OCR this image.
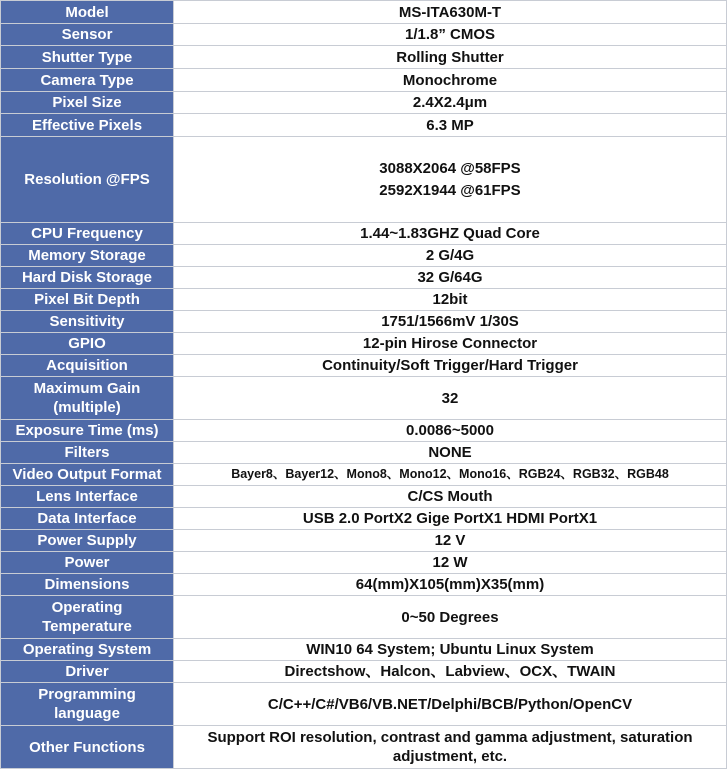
Model	MS-ITA630M-T
Sensor	1/1.8” CMOS
Shutter Type	Rolling Shutter
Camera Type	Monochrome
Pixel Size	2.4X2.4μm
Effective Pixels	6.3 MP
Resolution @FPS	3088X2064 @58FPS
2592X1944 @61FPS

CPU Frequency	1.44~1.83GHZ Quad Core
Memory Storage	2 G/4G
Hard Disk Storage	32 G/64G
Pixel Bit Depth	12bit
Sensitivity	1751/1566mV 1/30S
GPIO	12-pin Hirose Connector
Acquisition	Continuity/Soft Trigger/Hard Trigger

Maximum Gain
(multiple)	32
Exposure Time (ms)	0.0086~5000
Filters	NONE
Video Output Format	Bayer8、Bayer12、Mono8、Mono12、Mono16、RGB24、RGB32、RGB48
Lens Interface	C/CS Mouth
Data Interface	USB 2.0 PortX2 Gige PortX1 HDMI PortX1
Power Supply	12 V
Power	12 W
Dimensions	64(mm)X105(mm)X35(mm)

Operating
Temperature	0~50 Degrees
Operating System	WIN10 64 System; Ubuntu Linux System
Driver	Directshow、Halcon、Labview、OCX、TWAIN

Programming
language	C/C++/C#/VB6/VB.NET/Delphi/BCB/Python/OpenCV
Other Functions	Support ROI resolution, contrast and gamma adjustment, saturation
adjustment, etc.
